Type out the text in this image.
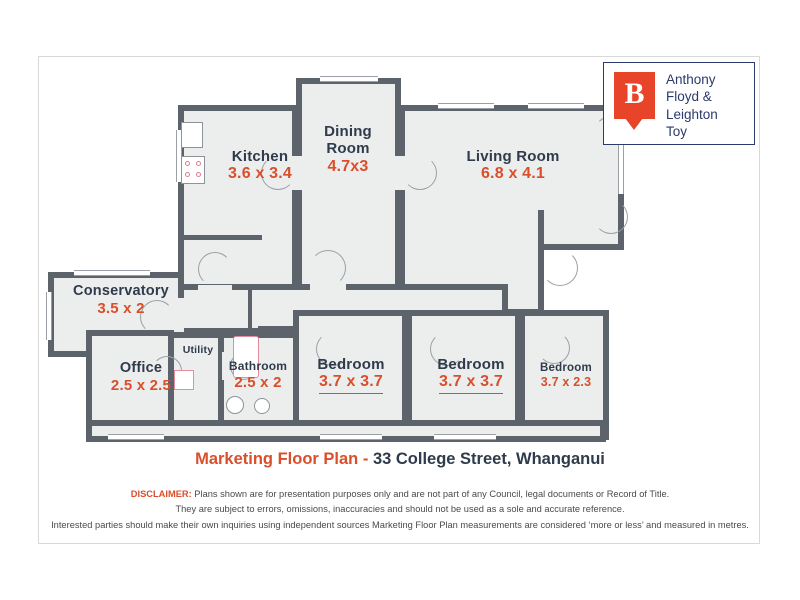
Kitchen
3.6 x 3.4
Dining
Room
4.7x3
Living Room
6.8 x 4.1
Conservatory
3.5 x 2
Office
2.5 x 2.5
Utility
Bathroom
2.5 x 2
Bedroom
3.7 x 3.7
Bedroom
3.7 x 3.7
Bedroom
3.7 x 2.3
B	Anthony
Floyd &
Leighton
Toy
Marketing Floor Plan - 33 College Street, Whanganui
DISCLAIMER: Plans shown are for presentation purposes only and are not part of any Council, legal documents or Record of Title.
They are subject to errors, omissions, inaccuracies and should not be used as a sole and accurate reference.
Interested parties should make their own inquiries using independent sources Marketing Floor Plan measurements are considered ‘more or less’ and measured in metres.
